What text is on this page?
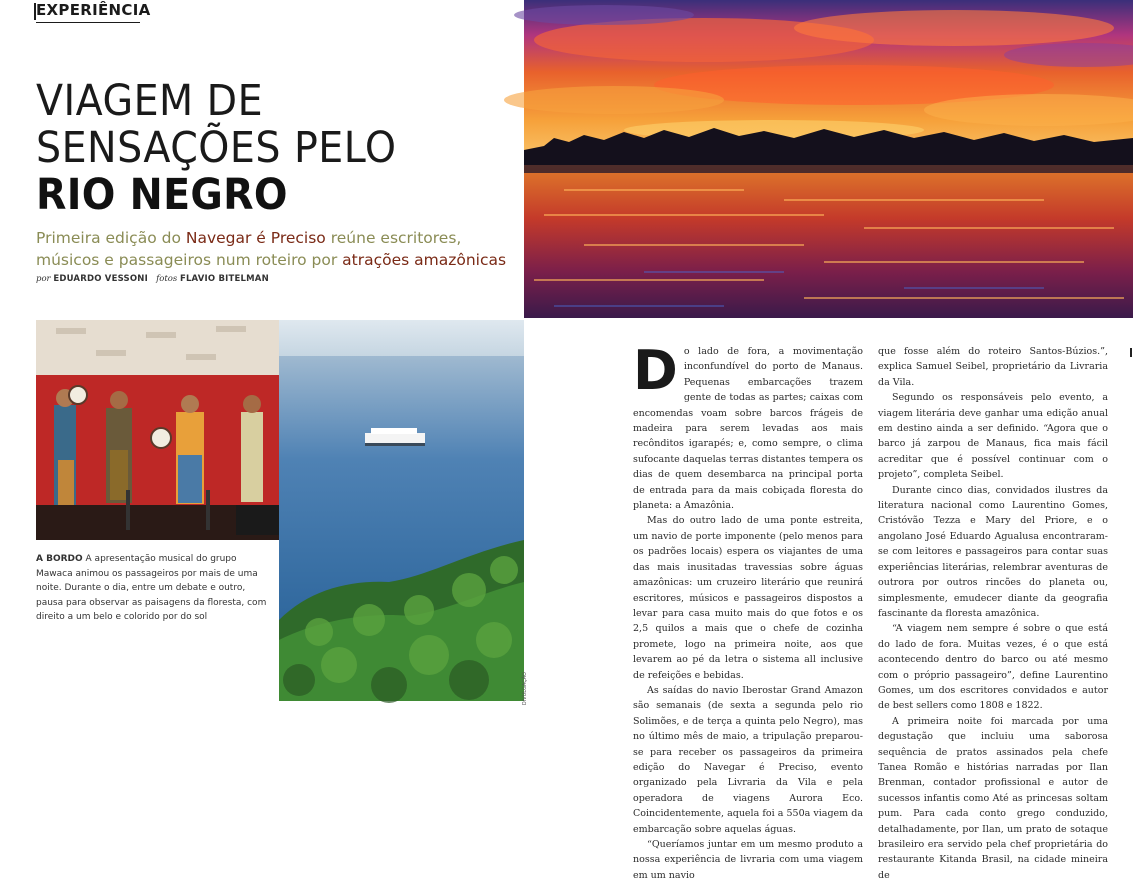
EXPERIÊNCIA
VIAGEM DE
SENSAÇÕES PELO
RIO NEGRO

Primeira edição do Navegar é Preciso reúne escritores, músicos e passageiros num roteiro por atrações amazônicas

por EDUARDO VESSONI fotos FLAVIO BITELMAN
DIVULGAÇÃO

A BORDO A apresentação musical do grupo Mawaca animou os passageiros por mais de uma noite. Durante o dia, entre um debate e outro, pausa para observar as paisagens da floresta, com direito a um belo e colorido por do sol

D o lado de fora, a movimentação inconfundível do porto de Manaus. Pequenas embarcações trazem gente de todas as partes; caixas com encomendas voam sobre barcos frágeis de madeira para serem levadas aos mais recônditos igarapés; e, como sempre, o clima sufocante daquelas terras distantes tempera os dias de quem desembarca na principal porta de entrada para da mais cobiçada floresta do planeta: a Amazônia.

Mas do outro lado de uma ponte estreita, um navio de porte imponente (pelo menos para os padrões locais) espera os viajantes de uma das mais inusitadas travessias sobre águas amazônicas: um cruzeiro literário que reunirá escritores, músicos e passageiros dispostos a levar para casa muito mais do que fotos e os 2,5 quilos a mais que o chefe de cozinha promete, logo na primeira noite, aos que levarem ao pé da letra o sistema all inclusive de refeições e bebidas.

As saídas do navio Iberostar Grand Amazon são semanais (de sexta a segunda pelo rio Solimões, e de terça a quinta pelo Negro), mas no último mês de maio, a tripulação preparou-se para receber os passageiros da primeira edição do Navegar é Preciso, evento organizado pela Livraria da Vila e pela operadora de viagens Aurora Eco. Coincidentemente, aquela foi a 550a viagem da embarcação sobre aquelas águas.

“Queríamos juntar em um mesmo produto a nossa experiência de livraria com uma viagem em um navio

que fosse além do roteiro Santos-Búzios.”, explica Samuel Seibel, proprietário da Livraria da Vila.

Segundo os responsáveis pelo evento, a viagem literária deve ganhar uma edição anual em destino ainda a ser definido. “Agora que o barco já zarpou de Manaus, fica mais fácil acreditar que é possível continuar com o projeto”, completa Seibel.

Durante cinco dias, convidados ilustres da literatura nacional como Laurentino Gomes, Cristóvão Tezza e Mary del Priore, e o angolano José Eduardo Agualusa encontraram-se com leitores e passageiros para contar suas experiências literárias, relembrar aventuras de outrora por outros rincões do planeta ou, simplesmente, emudecer diante da geografia fascinante da floresta amazônica.

“A viagem nem sempre é sobre o que está do lado de fora. Muitas vezes, é o que está acontecendo dentro do barco ou até mesmo com o próprio passageiro”, define Laurentino Gomes, um dos escritores convidados e autor de best sellers como 1808 e 1822.

A primeira noite foi marcada por uma degustação que incluiu uma saborosa sequência de pratos assinados pela chefe Tanea Romão e histórias narradas por Ilan Brenman, contador profissional e autor de sucessos infantis como Até as princesas soltam pum. Para cada conto grego conduzido, detalhadamente, por Ilan, um prato de sotaque brasileiro era servido pela chef proprietária do restaurante Kitanda Brasil, na cidade mineira de
